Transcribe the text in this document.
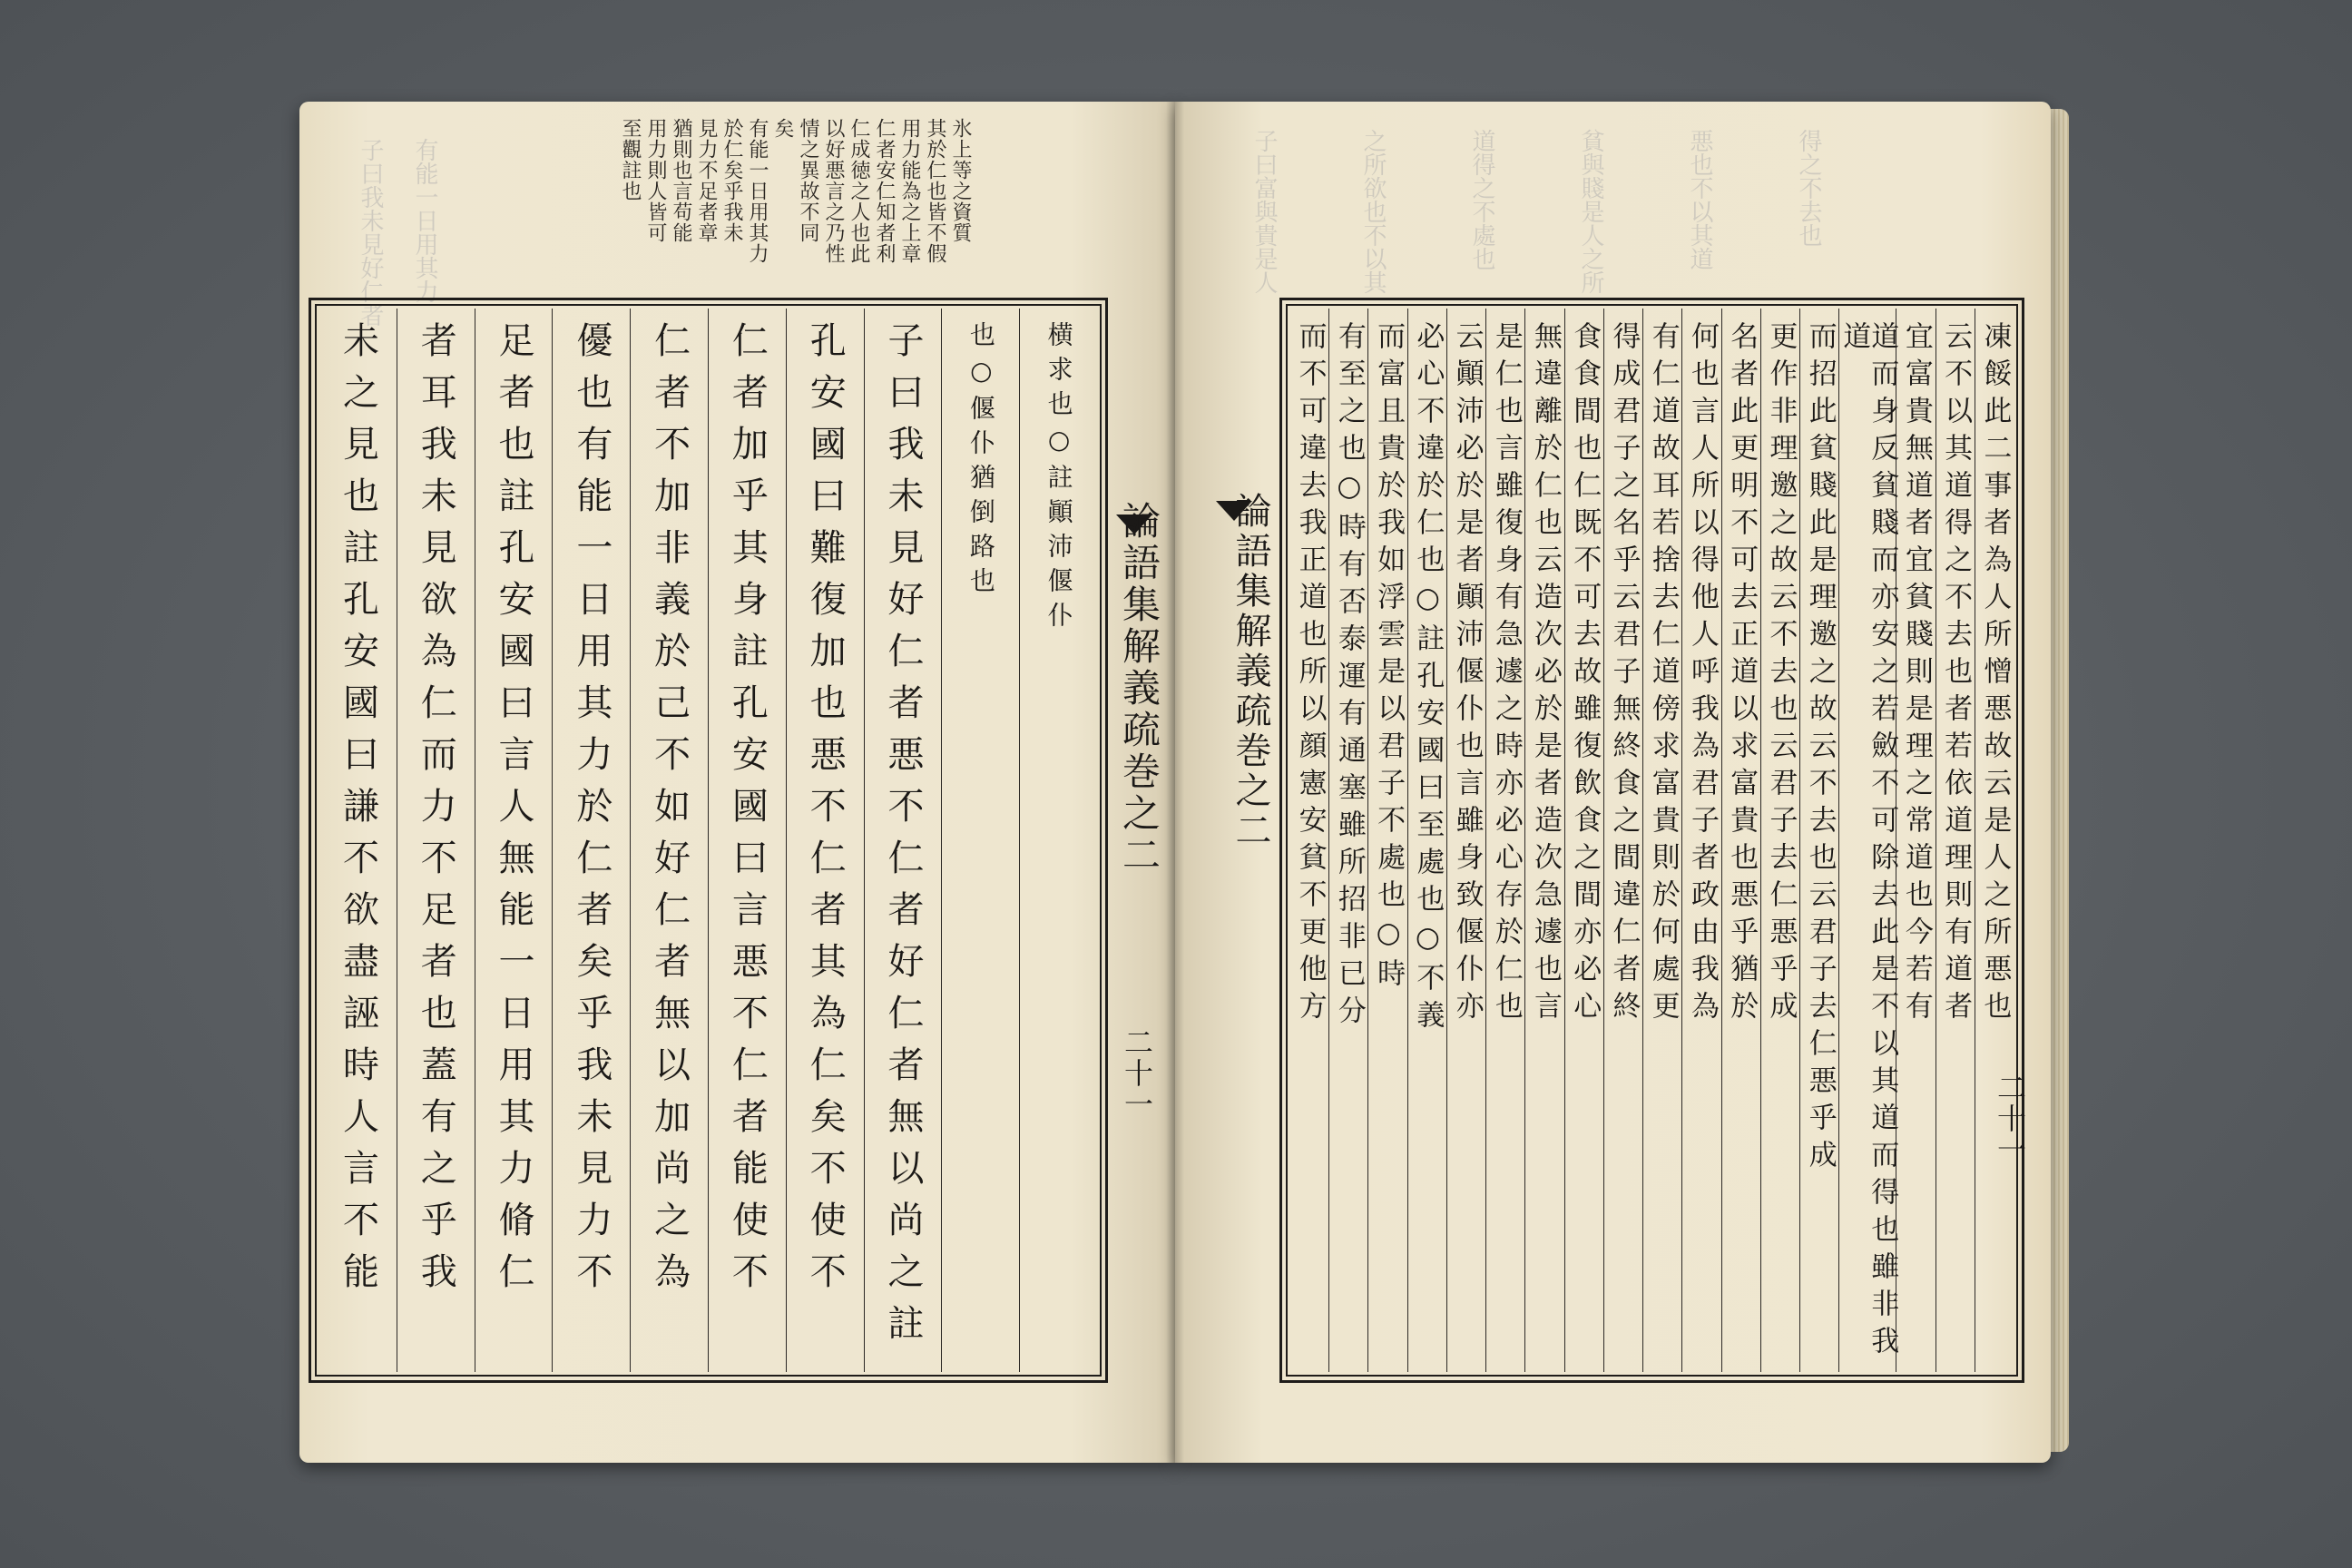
子曰我未見好仁者 有能一日用其力	氷上等之資質
其於仁也皆不假
用力能為之上章
仁者安仁知者利
仁成徳之人也此
以好悪言之乃性
情之異故不同
矣
有能一日用其力
於仁矣乎我未
見力不足者章
猶則也言苟能
用力則人皆可
至觀註也
横求也○註顚沛偃仆
也○偃仆猶倒路也
子曰我未見好仁者悪不仁者好仁者無以尚之註
孔安國曰難復加也悪不仁者其為仁矣不使不
仁者加乎其身註孔安國曰言悪不仁者能使不
仁者不加非義於己不如好仁者無以加尚之為
優也有能一日用其力於仁者矣乎我未見力不
足者也註孔安國曰言人無能一日用其力脩仁
者耳我未見欲為仁而力不足者也蓋有之乎我
未之見也註孔安國曰謙不欲盡誣時人言不能	論語集解義疏巻之二
二十一
子曰富與貴是人	之所欲也不以其	道得之不處也	貧與賤是人之所	悪也不以其道	得之不去也
凍餒此二事者為人所憎悪故云是人之所悪也
云不以其道得之不去也者若依道理則有道者
宜富貴無道者宜貧賤則是理之常道也今若有
道而身反貧賤而亦安之若斂不可除去此是不以其道而得也雖非我道
而招此貧賤此是理邀之故云不去也云君子去仁悪乎成
更作非理邀之故云不去也云君子去仁悪乎成
名者此更明不可去正道以求富貴也悪乎猶於
何也言人所以得他人呼我為君子者政由我為
有仁道故耳若捨去仁道傍求富貴則於何處更
得成君子之名乎云君子無終食之間違仁者終
食食間也仁既不可去故雖復飲食之間亦必心
無違離於仁也云造次必於是者造次急遽也言
是仁也言雖復身有急遽之時亦必心存於仁也
云顚沛必於是者顚沛偃仆也言雖身致偃仆亦
必心不違於仁也○註孔安國曰至處也○不義
而富且貴於我如浮雲是以君子不處也○時
有至之也○時有否泰運有通塞雖所招非已分
而不可違去我正道也所以顔憲安貧不更他方
論語集解義疏巻之二
二十一
